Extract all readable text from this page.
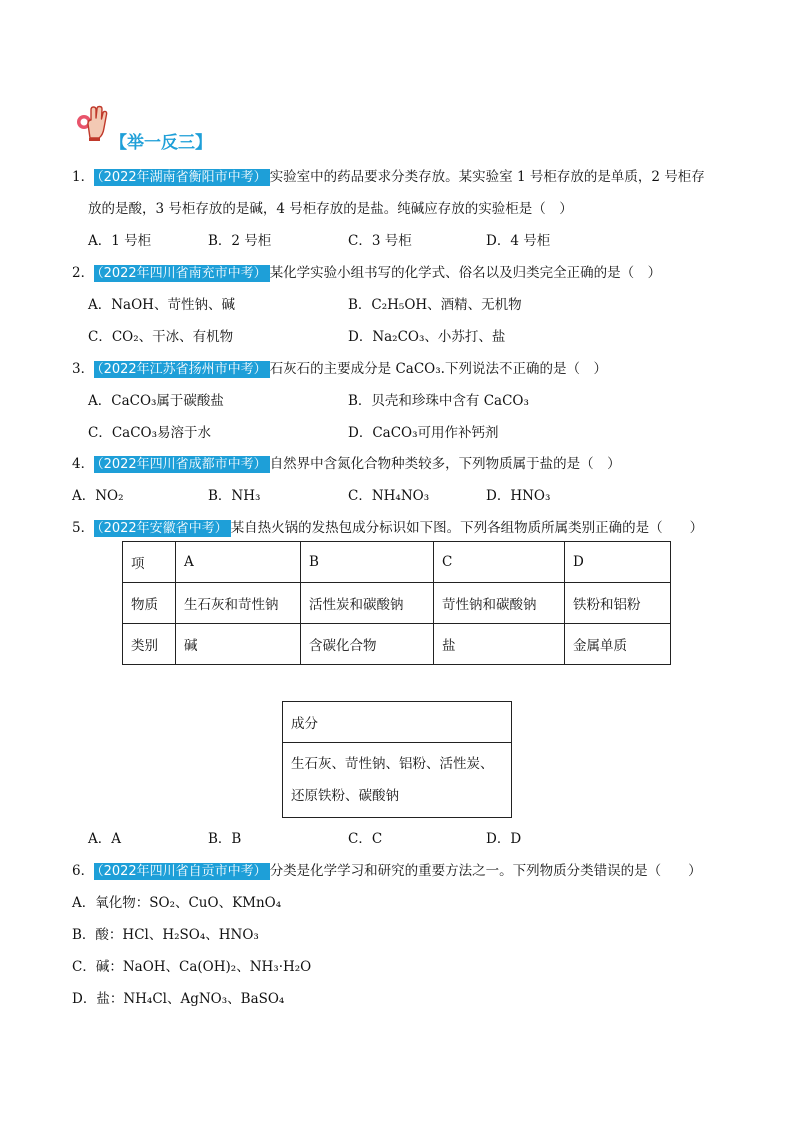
【举一反三】
1． （2022年湖南省衡阳市中考） 实验室中的药品要求分类存放。某实验室 1 号柜存放的是单质，2 号柜存
放的是酸，3 号柜存放的是碱，4 号柜存放的是盐。纯碱应存放的实验柜是（　）
A．1 号柜	B．2 号柜	C．3 号柜	D．4 号柜
2． （2022年四川省南充市中考） 某化学实验小组书写的化学式、俗名以及归类完全正确的是（　）
A．NaOH、苛性钠、碱	B．C₂H₅OH、酒精、无机物
C．CO₂、干冰、有机物	D．Na₂CO₃、小苏打、盐
3． （2022年江苏省扬州市中考） 石灰石的主要成分是 CaCO₃.下列说法不正确的是（　）
A．CaCO₃属于碳酸盐	B．贝壳和珍珠中含有 CaCO₃
C．CaCO₃易溶于水	D．CaCO₃可用作补钙剂
4． （2022年四川省成都市中考） 自然界中含氮化合物种类较多，下列物质属于盐的是（　）
A．NO₂	B．NH₃	C．NH₄NO₃	D．HNO₃
5． （2022年安徽省中考） 某自热火锅的发热包成分标识如下图。下列各组物质所属类别正确的是（　　）
项	A	B	C	D
物质	生石灰和苛性钠	活性炭和碳酸钠	苛性钠和碳酸钠	铁粉和铝粉
类别	碱	含碳化合物	盐	金属单质
成分

生石灰、苛性钠、铝粉、活性炭、
还原铁粉、碳酸钠
A．A	B．B	C．C	D．D
6． （2022年四川省自贡市中考） 分类是化学学习和研究的重要方法之一。下列物质分类错误的是（　　）
A．氧化物：SO₂、CuO、KMnO₄
B．酸：HCl、H₂SO₄、HNO₃
C．碱：NaOH、Ca(OH)₂、NH₃·H₂O
D．盐：NH₄Cl、AgNO₃、BaSO₄
